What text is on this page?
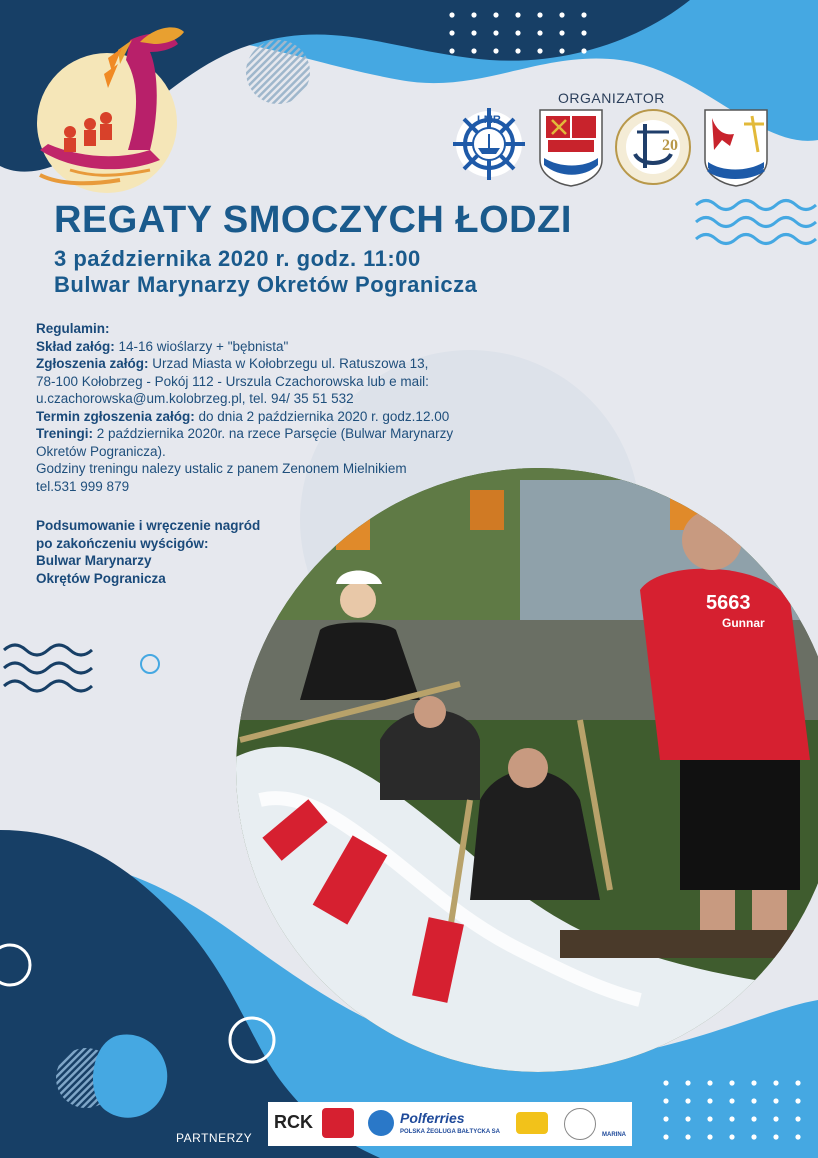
20
LMR
ORGANIZATOR
REGATY SMOCZYCH ŁODZI
3 października 2020 r. godz. 11:00
Bulwar Marynarzy Okretów Pogranicza
Regulamin:
Skład załóg: 14-16 wioślarzy + "bębnista"
Zgłoszenia załóg: Urzad Miasta w Kołobrzegu ul. Ratuszowa 13,
78-100 Kołobrzeg - Pokój 112 - Urszula Czachorowska lub e mail:
u.czachorowska@um.kolobrzeg.pl, tel. 94/ 35 51 532
Termin zgłoszenia załóg: do dnia 2 października 2020 r. godz.12.00
Treningi: 2 października 2020r. na rzece Parsęcie (Bulwar Marynarzy
Okretów Pogranicza).
Godziny treningu nalezy ustalic z panem Zenonem Mielnikiem
tel.531 999 879
Podsumowanie i wręczenie nagród
po zakończeniu wyścigów:
Bulwar Marynarzy
Okrętów Pogranicza
5663
Gunnar
PARTNERZY
RCK	Polferries
POLSKA ŻEGLUGA BAŁTYCKA SA	MARINA
